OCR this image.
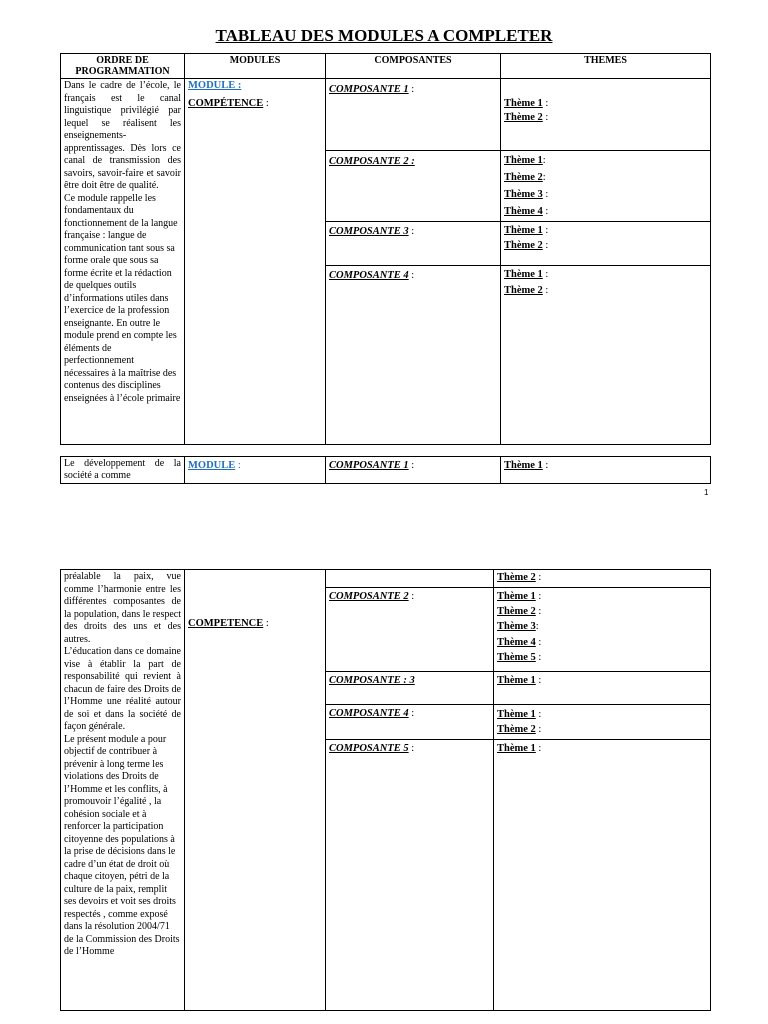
TABLEAU DES MODULES A COMPLETER
ORDRE DE PROGRAMMATION	MODULES	COMPOSANTES	THEMES

Dans le cadre de l’école, le français est le canal linguistique privilégié par lequel se réalisent les enseignements-apprentissages. Dès lors ce canal de transmission des savoirs, savoir-faire et savoir être doit être de qualité.
Ce module rappelle les fondamentaux du fonctionnement de la langue française : langue de communication tant sous sa forme orale que sous sa forme écrite et la rédaction de quelques outils d’informations utiles dans l’exercice de la profession enseignante. En outre le module prend en compte les éléments de perfectionnement nécessaires à la maîtrise des contenus des disciplines enseignées à l’école primaire	MODULE :

COMPÉTENCE :	COMPOSANTE 1 :	Thème 1 :
Thème 2 :

		COMPOSANTE 2 :	Thème 1:
Thème 2:
Thème 3 :
Thème 4 :

		COMPOSANTE 3 :	Thème 1 :
Thème 2 :

		COMPOSANTE 4 :	Thème 1 :
Thème 2 :
Le développement de la société a comme	MODULE :	COMPOSANTE 1 :	Thème 1 :
1
préalable la paix, vue comme l’harmonie entre les différentes composantes de la population, dans le respect des droits des uns et des autres.
L’éducation dans ce domaine vise à établir la part de responsabilité qui revient à chacun de faire des Droits de l’Homme une réalité autour de soi et dans la société de façon générale.
Le présent module a pour objectif de contribuer à prévenir à long terme les violations des Droits de l’Homme et les conflits, à promouvoir l’égalité , la cohésion sociale et à renforcer la participation citoyenne des populations à la prise de décisions dans le cadre d’un état de droit où chaque citoyen, pétri de la culture de la paix, remplit ses devoirs et voit ses droits respectés , comme exposé dans la résolution 2004/71 de la Commission des Droits de l’Homme	COMPETENCE :		Thème 2 :
		COMPOSANTE 2 :	Thème 1 :
Thème 2 :
Thème 3:
Thème 4 :
Thème 5 :

		COMPOSANTE : 3	Thème 1 :
		COMPOSANTE 4 :	Thème 1 :
Thème 2 :

		COMPOSANTE 5 :	Thème 1 :
